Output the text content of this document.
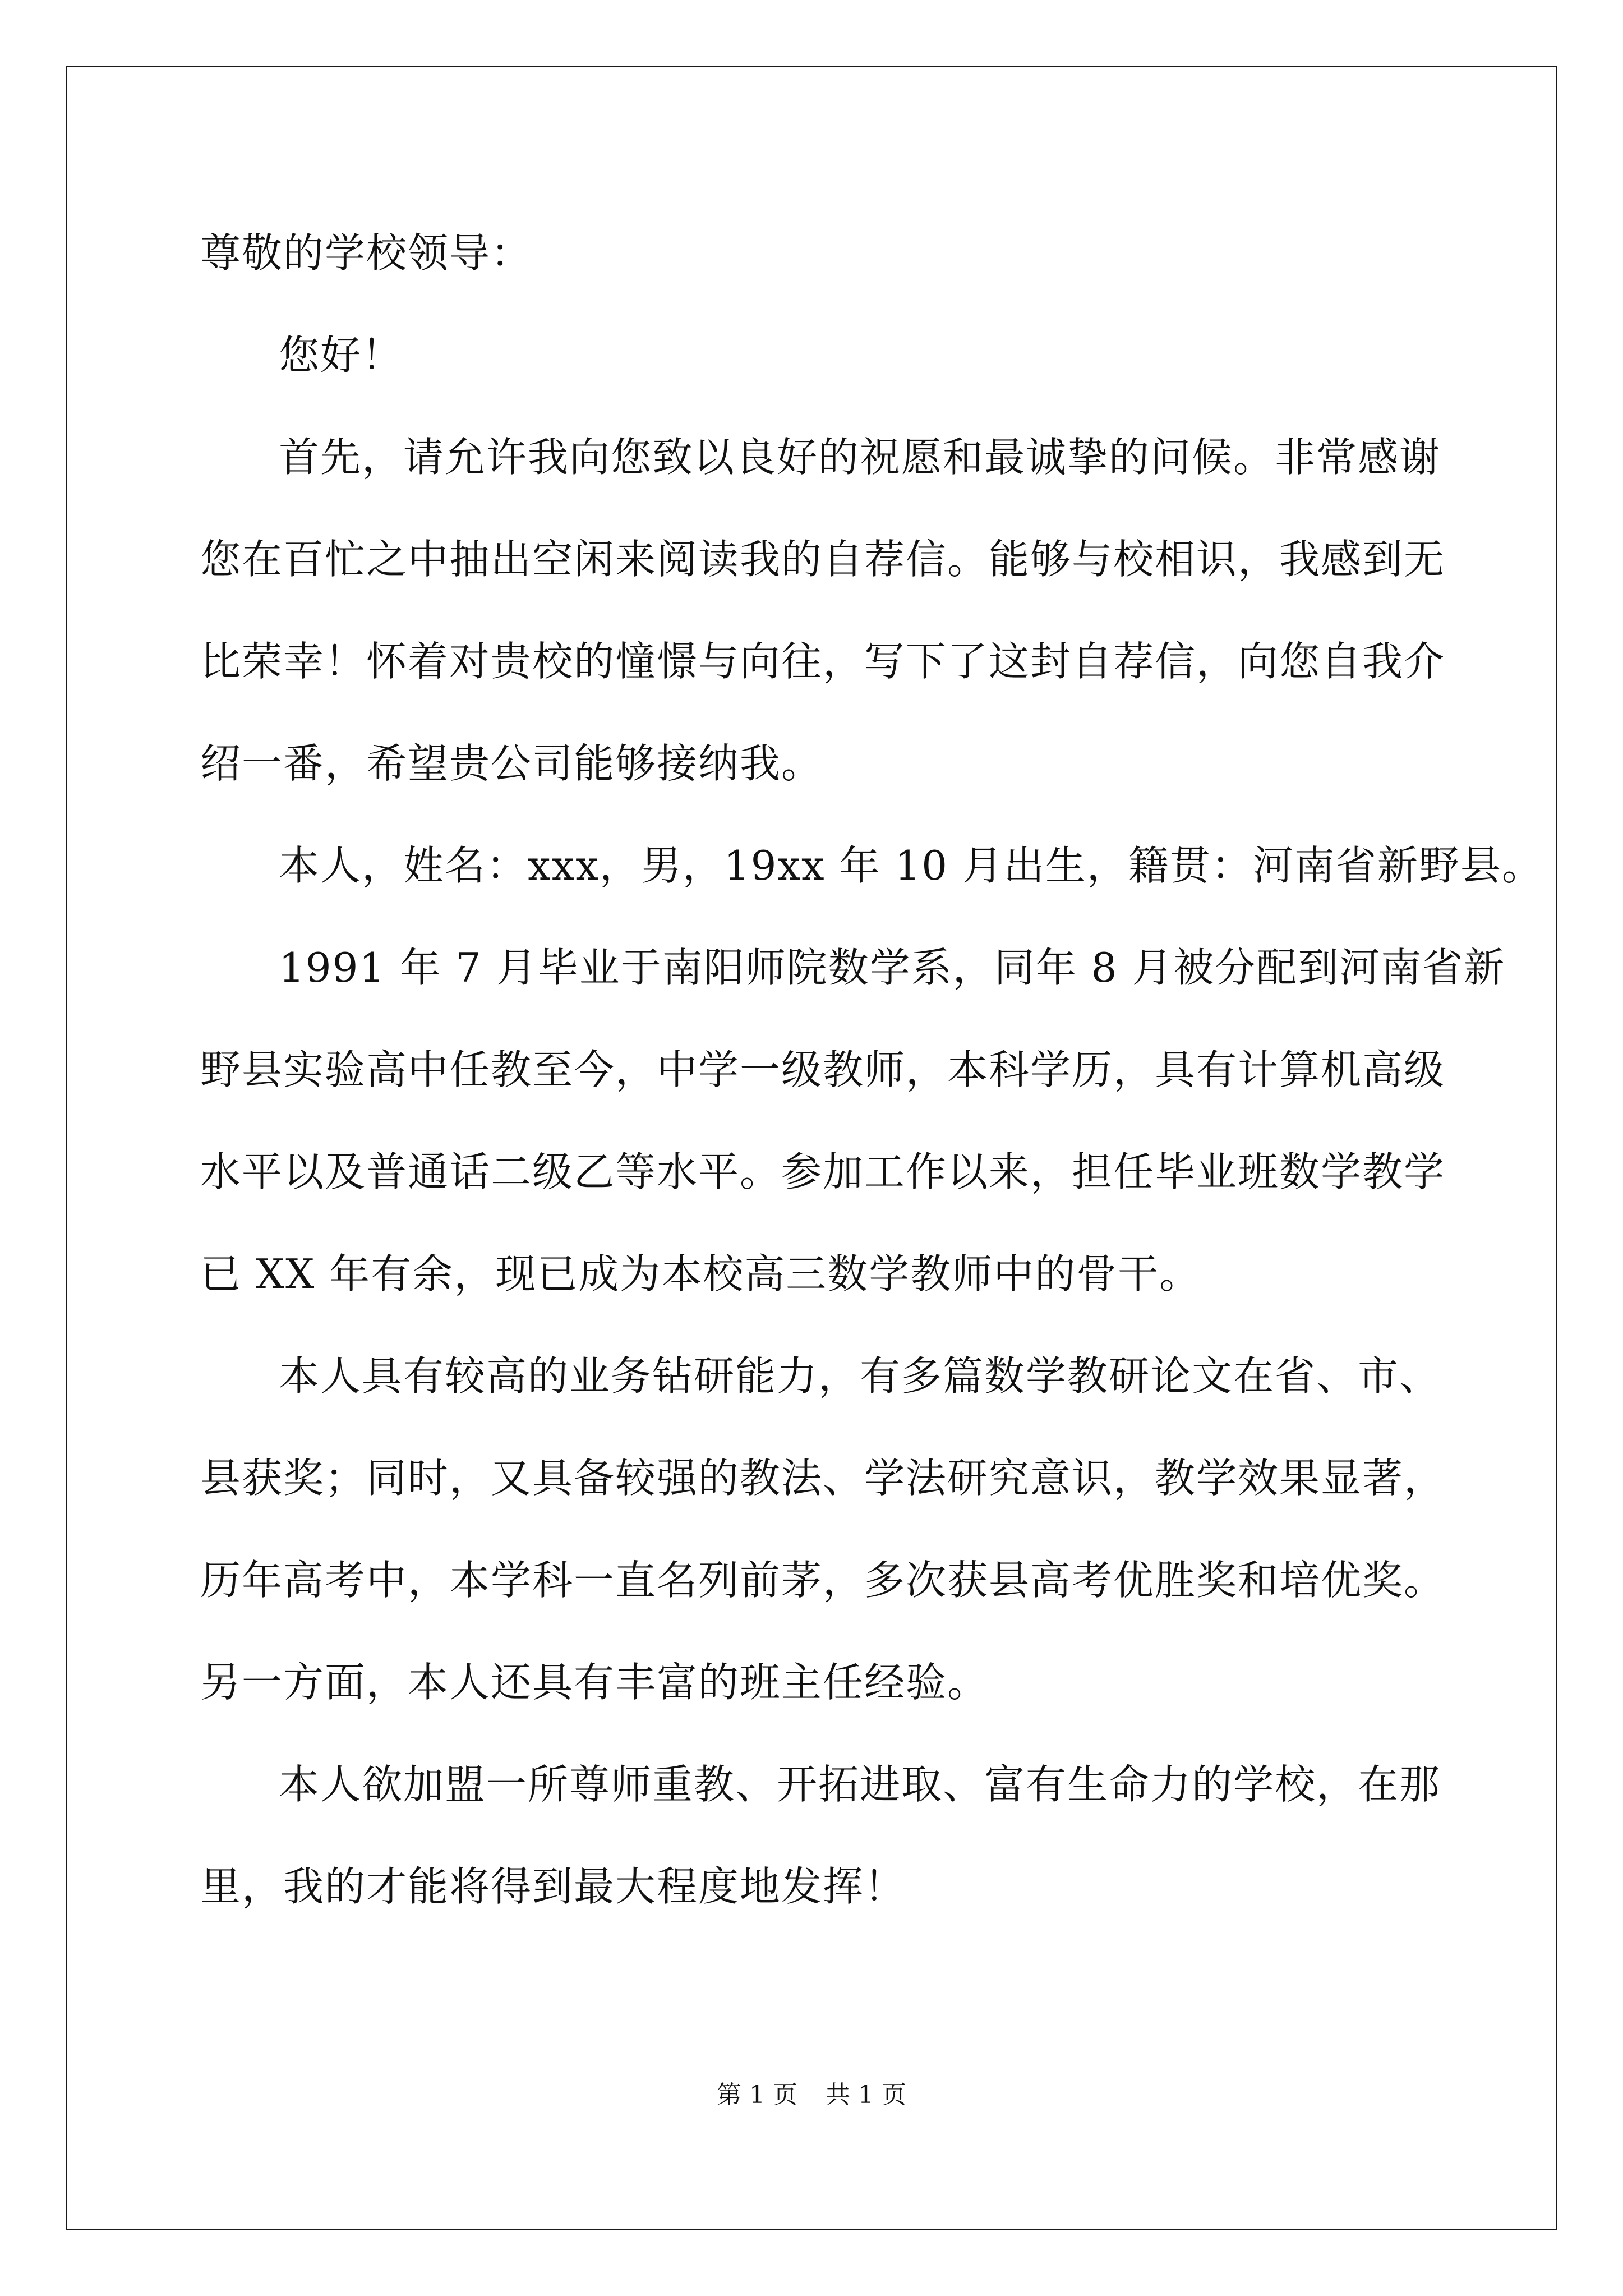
尊敬的学校领导：

您好！

首先，请允许我向您致以良好的祝愿和最诚挚的问候。非常感谢

您在百忙之中抽出空闲来阅读我的自荐信。能够与校相识，我感到无

比荣幸！怀着对贵校的憧憬与向往，写下了这封自荐信，向您自我介

绍一番，希望贵公司能够接纳我。

本人，姓名：xxx，男，19xx 年 10 月出生，籍贯：河南省新野县。

1991 年 7 月毕业于南阳师院数学系，同年 8 月被分配到河南省新

野县实验高中任教至今，中学一级教师，本科学历，具有计算机高级

水平以及普通话二级乙等水平。参加工作以来，担任毕业班数学教学

已 XX 年有余，现已成为本校高三数学教师中的骨干。

本人具有较高的业务钻研能力，有多篇数学教研论文在省、市、

县获奖；同时，又具备较强的教法、学法研究意识，教学效果显著，

历年高考中，本学科一直名列前茅，多次获县高考优胜奖和培优奖。

另一方面，本人还具有丰富的班主任经验。

本人欲加盟一所尊师重教、开拓进取、富有生命力的学校，在那

里，我的才能将得到最大程度地发挥！

第 1 页 共 1 页
